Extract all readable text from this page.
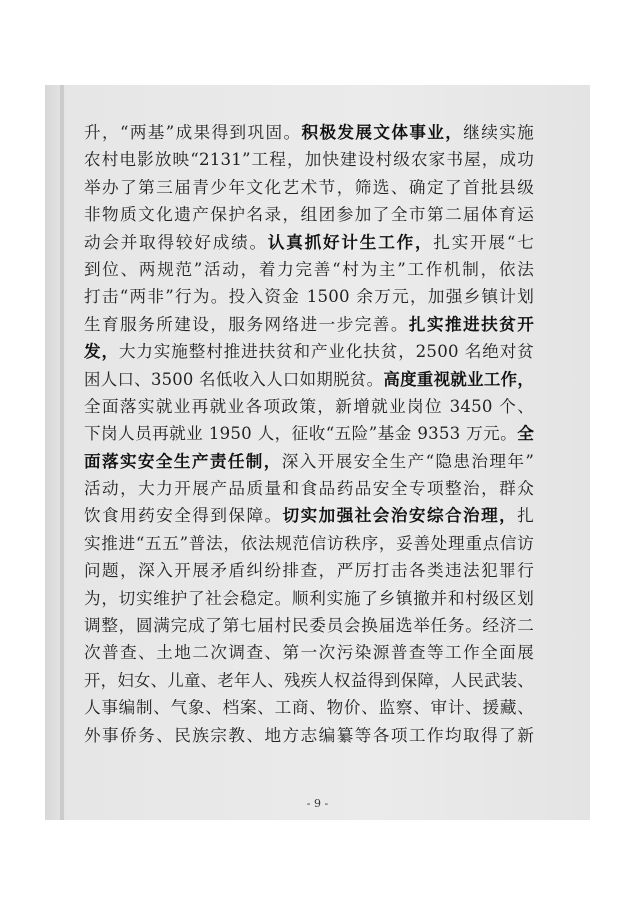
升，“两基”成果得到巩固。积极发展文体事业，继续实施
农村电影放映“2131”工程，加快建设村级农家书屋，成功
举办了第三届青少年文化艺术节，筛选、确定了首批县级
非物质文化遗产保护名录，组团参加了全市第二届体育运
动会并取得较好成绩。认真抓好计生工作，扎实开展“七
到位、两规范”活动，着力完善“村为主”工作机制，依法
打击“两非”行为。投入资金 1500 余万元，加强乡镇计划
生育服务所建设，服务网络进一步完善。扎实推进扶贫开
发，大力实施整村推进扶贫和产业化扶贫，2500 名绝对贫
困人口、3500 名低收入人口如期脱贫。高度重视就业工作，
全面落实就业再就业各项政策，新增就业岗位 3450 个、
下岗人员再就业 1950 人，征收“五险”基金 9353 万元。全
面落实安全生产责任制，深入开展安全生产“隐患治理年”
活动，大力开展产品质量和食品药品安全专项整治，群众
饮食用药安全得到保障。切实加强社会治安综合治理，扎
实推进“五五”普法，依法规范信访秩序，妥善处理重点信访
问题，深入开展矛盾纠纷排查，严厉打击各类违法犯罪行
为，切实维护了社会稳定。顺利实施了乡镇撤并和村级区划
调整，圆满完成了第七届村民委员会换届选举任务。经济二
次普查、土地二次调查、第一次污染源普查等工作全面展
开，妇女、儿童、老年人、残疾人权益得到保障，人民武装、
人事编制、气象、档案、工商、物价、监察、审计、援藏、
外事侨务、民族宗教、地方志编纂等各项工作均取得了新
- 9 -
